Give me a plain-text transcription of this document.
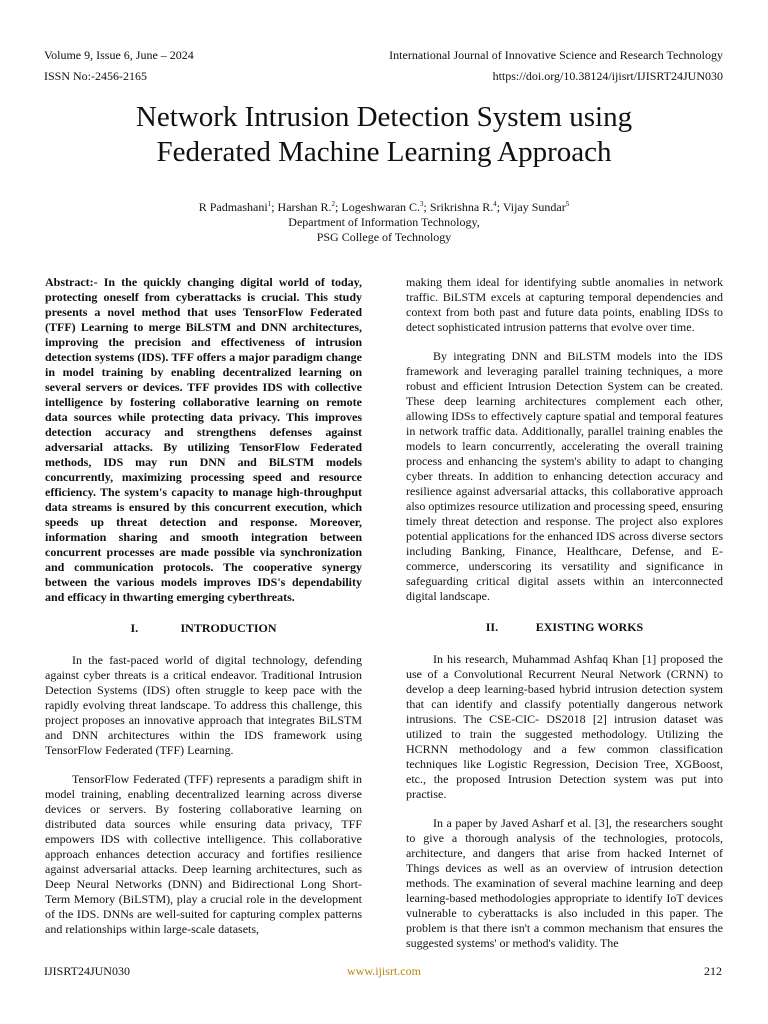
Volume 9, Issue 6, June – 2024
ISSN No:-2456-2165
International Journal of Innovative Science and Research Technology
https://doi.org/10.38124/ijisrt/IJISRT24JUN030
Network Intrusion Detection System using
Federated Machine Learning Approach
R Padmashani$^1$; Harshan R.$^2$; Logeshwaran C.$^3$; Srikrishna R.$^4$; Vijay Sundar$^5$
Department of Information Technology,
PSG College of Technology

Abstract:- In the quickly changing digital world of today, protecting oneself from cyberattacks is crucial. This study presents a novel method that uses TensorFlow Federated (TFF) Learning to merge BiLSTM and DNN architectures, improving the precision and effectiveness of intrusion detection systems (IDS). TFF offers a major paradigm change in model training by enabling decentralized learning on several servers or devices. TFF provides IDS with collective intelligence by fostering collaborative learning on remote data sources while protecting data privacy. This improves detection accuracy and strengthens defenses against adversarial attacks. By utilizing TensorFlow Federated methods, IDS may run DNN and BiLSTM models concurrently, maximizing processing speed and resource efficiency. The system's capacity to manage high-throughput data streams is ensured by this concurrent execution, which speeds up threat detection and response. Moreover, information sharing and smooth integration between concurrent processes are made possible via synchronization and communication protocols. The cooperative synergy between the various models improves IDS's dependability and efficacy in thwarting emerging cyberthreats.

I.	INTRODUCTION

In the fast-paced world of digital technology, defending against cyber threats is a critical endeavor. Traditional Intrusion Detection Systems (IDS) often struggle to keep pace with the rapidly evolving threat landscape. To address this challenge, this project proposes an innovative approach that integrates BiLSTM and DNN architectures within the IDS framework using TensorFlow Federated (TFF) Learning.

TensorFlow Federated (TFF) represents a paradigm shift in model training, enabling decentralized learning across diverse devices or servers. By fostering collaborative learning on distributed data sources while ensuring data privacy, TFF empowers IDS with collective intelligence. This collaborative approach enhances detection accuracy and fortifies resilience against adversarial attacks. Deep learning architectures, such as Deep Neural Networks (DNN) and Bidirectional Long Short-Term Memory (BiLSTM), play a crucial role in the development of the IDS. DNNs are well-suited for capturing complex patterns and relationships within large-scale datasets,

making them ideal for identifying subtle anomalies in network traffic. BiLSTM excels at capturing temporal dependencies and context from both past and future data points, enabling IDSs to detect sophisticated intrusion patterns that evolve over time.

By integrating DNN and BiLSTM models into the IDS framework and leveraging parallel training techniques, a more robust and efficient Intrusion Detection System can be created. These deep learning architectures complement each other, allowing IDSs to effectively capture spatial and temporal features in network traffic data. Additionally, parallel training enables the models to learn concurrently, accelerating the overall training process and enhancing the system's ability to adapt to changing cyber threats. In addition to enhancing detection accuracy and resilience against adversarial attacks, this collaborative approach also optimizes resource utilization and processing speed, ensuring timely threat detection and response. The project also explores potential applications for the enhanced IDS across diverse sectors including Banking, Finance, Healthcare, Defense, and E-commerce, underscoring its versatility and significance in safeguarding critical digital assets within an interconnected digital landscape.

II.	EXISTING WORKS

In his research, Muhammad Ashfaq Khan [1] proposed the use of a Convolutional Recurrent Neural Network (CRNN) to develop a deep learning-based hybrid intrusion detection system that can identify and classify potentially dangerous network intrusions. The CSE-CIC- DS2018 [2] intrusion dataset was utilized to train the suggested methodology. Utilizing the HCRNN methodology and a few common classification techniques like Logistic Regression, Decision Tree, XGBoost, etc., the proposed Intrusion Detection system was put into practise.

In a paper by Javed Asharf et al. [3], the researchers sought to give a thorough analysis of the technologies, protocols, architecture, and dangers that arise from hacked Internet of Things devices as well as an overview of intrusion detection methods. The examination of several machine learning and deep learning-based methodologies appropriate to identify IoT devices vulnerable to cyberattacks is also included in this paper. The problem is that there isn't a common mechanism that ensures the suggested systems' or method's validity. The

IJISRT24JUN030	www.ijisrt.com	212
